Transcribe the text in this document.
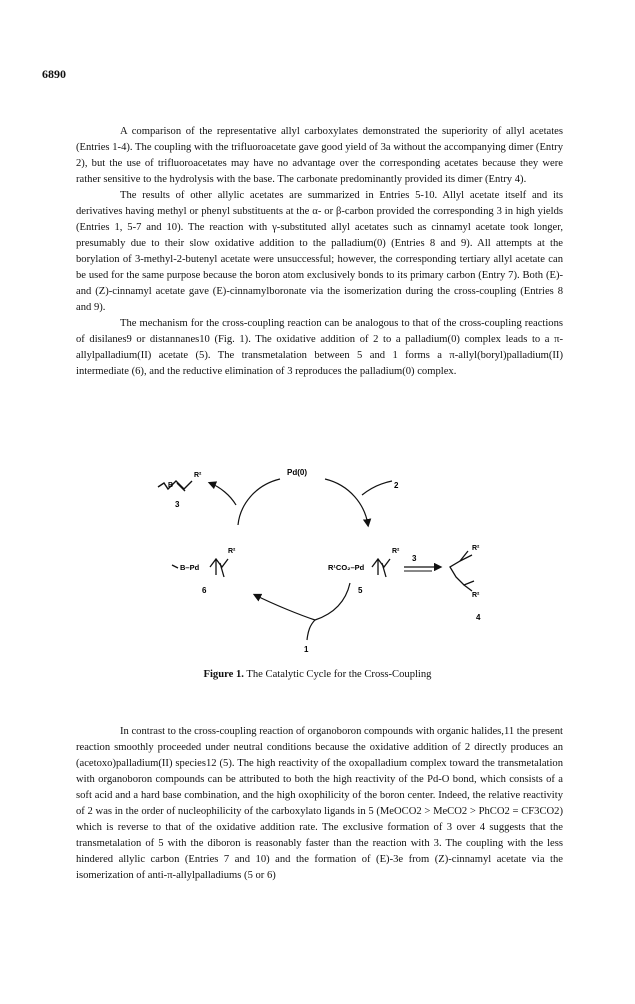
6890

A comparison of the representative allyl carboxylates demonstrated the superiority of allyl acetates (Entries 1-4). The coupling with the trifluoroacetate gave good yield of 3a without the accompanying dimer (Entry 2), but the use of trifluoroacetates may have no advantage over the corresponding acetates because they were rather sensitive to the hydrolysis with the base. The carbonate predominantly provided its dimer (Entry 4).

The results of other allylic acetates are summarized in Entries 5-10. Allyl acetate itself and its derivatives having methyl or phenyl substituents at the α- or β-carbon provided the corresponding 3 in high yields (Entries 1, 5-7 and 10). The reaction with γ-substituted allyl acetates such as cinnamyl acetate took longer, presumably due to their slow oxidative addition to the palladium(0) (Entries 8 and 9). All attempts at the borylation of 3-methyl-2-butenyl acetate were unsuccessful; however, the corresponding tertiary allyl acetate can be used for the same purpose because the boron atom exclusively bonds to its primary carbon (Entry 7). Both (E)- and (Z)-cinnamyl acetate gave (E)-cinnamylboronate via the isomerization during the cross-coupling (Entries 8 and 9).

The mechanism for the cross-coupling reaction can be analogous to that of the cross-coupling reactions of disilanes9 or distannanes10 (Fig. 1). The oxidative addition of 2 to a palladium(0) complex leads to a π-allylpalladium(II) acetate (5). The transmetalation between 5 and 1 forms a π-allyl(boryl)palladium(II) intermediate (6), and the reductive elimination of 3 reproduces the palladium(0) complex.

B
R²
3
Pd(0)
2
B–Pd
R²
6
R¹CO₂–Pd
R²
5
3
R²
R²
4
1
Figure 1. The Catalytic Cycle for the Cross-Coupling

In contrast to the cross-coupling reaction of organoboron compounds with organic halides,11 the present reaction smoothly proceeded under neutral conditions because the oxidative addition of 2 directly produces an (acetoxo)palladium(II) species12 (5). The high reactivity of the oxopalladium complex toward the transmetalation with organoboron compounds can be attributed to both the high reactivity of the Pd-O bond, which consists of a soft acid and a hard base combination, and the high oxophilicity of the boron center. Indeed, the relative reactivity of 2 was in the order of nucleophilicity of the carboxylato ligands in 5 (MeOCO2 > MeCO2 > PhCO2 = CF3CO2) which is reverse to that of the oxidative addition rate. The exclusive formation of 3 over 4 suggests that the transmetalation of 5 with the diboron is reasonably faster than the reaction with 3. The coupling with the less hindered allylic carbon (Entries 7 and 10) and the formation of (E)-3e from (Z)-cinnamyl acetate via the isomerization of anti-π-allylpalladiums (5 or 6)
